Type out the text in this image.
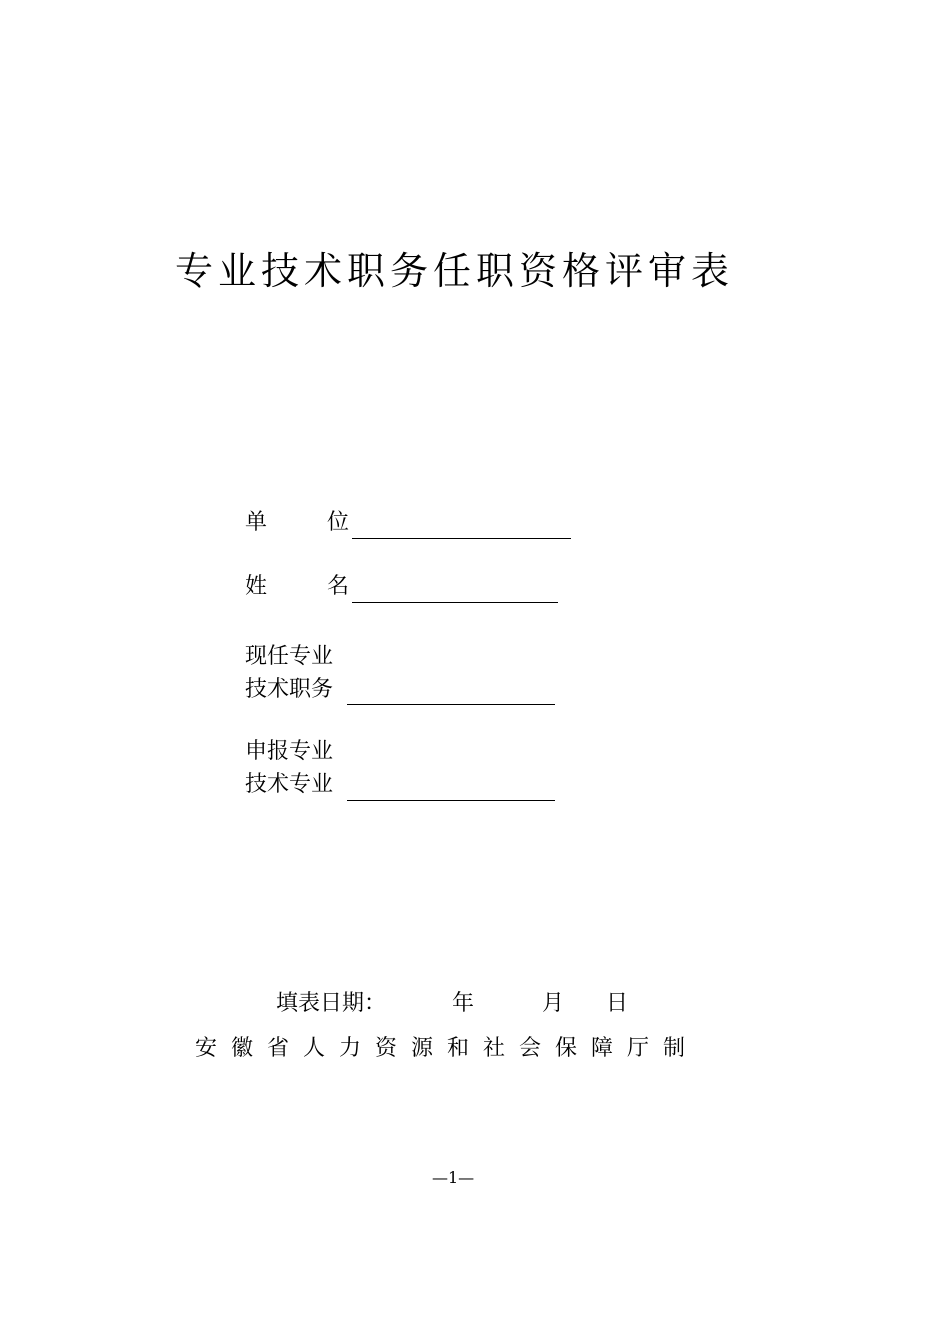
专业技术职务任职资格评审表
单	位
姓	名
现任专业
技术职务
申报专业
技术专业
填表日期：	年	月 日
安徽省人力资源和社会保障厅制
—1—
